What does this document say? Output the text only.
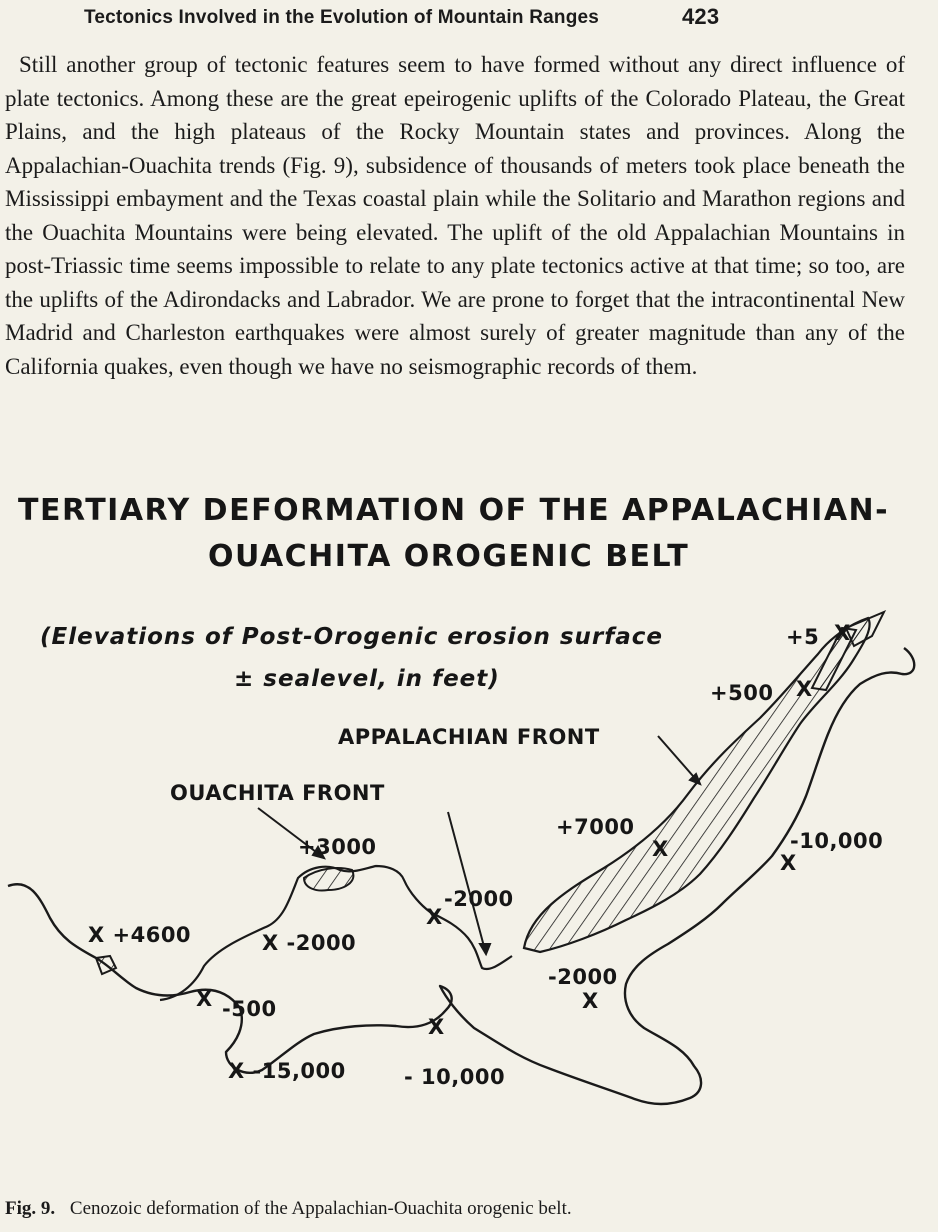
Tectonics Involved in the Evolution of Mountain Ranges	423

Still another group of tectonic features seem to have formed without any direct influence of plate tectonics. Among these are the great epeirogenic uplifts of the Colorado Plateau, the Great Plains, and the high plateaus of the Rocky Mountain states and provinces. Along the Appalachian-Ouachita trends (Fig. 9), subsidence of thousands of meters took place beneath the Mississippi embayment and the Texas coastal plain while the Solitario and Marathon regions and the Ouachita Mountains were being elevated. The uplift of the old Appalachian Mountains in post-Triassic time seems impossible to relate to any plate tectonics active at that time; so too, are the uplifts of the Adirondacks and Labrador. We are prone to forget that the intracontinental New Madrid and Charleston earthquakes were almost surely of greater magnitude than any of the California quakes, even though we have no seismographic records of them.

TERTIARY DEFORMATION OF THE APPALACHIAN-
OUACHITA OROGENIC BELT
(Elevations of Post-Orogenic erosion surface
± sealevel, in feet)
X
X
X
X
X
X
X
X
APPALACHIAN FRONT
OUACHITA FRONT
+5
+500
+7000
-10,000
+3000
-2000
X +4600	X -2000
-2000
-500
X -15,000	- 10,000
Fig. 9. Cenozoic deformation of the Appalachian-Ouachita orogenic belt.
